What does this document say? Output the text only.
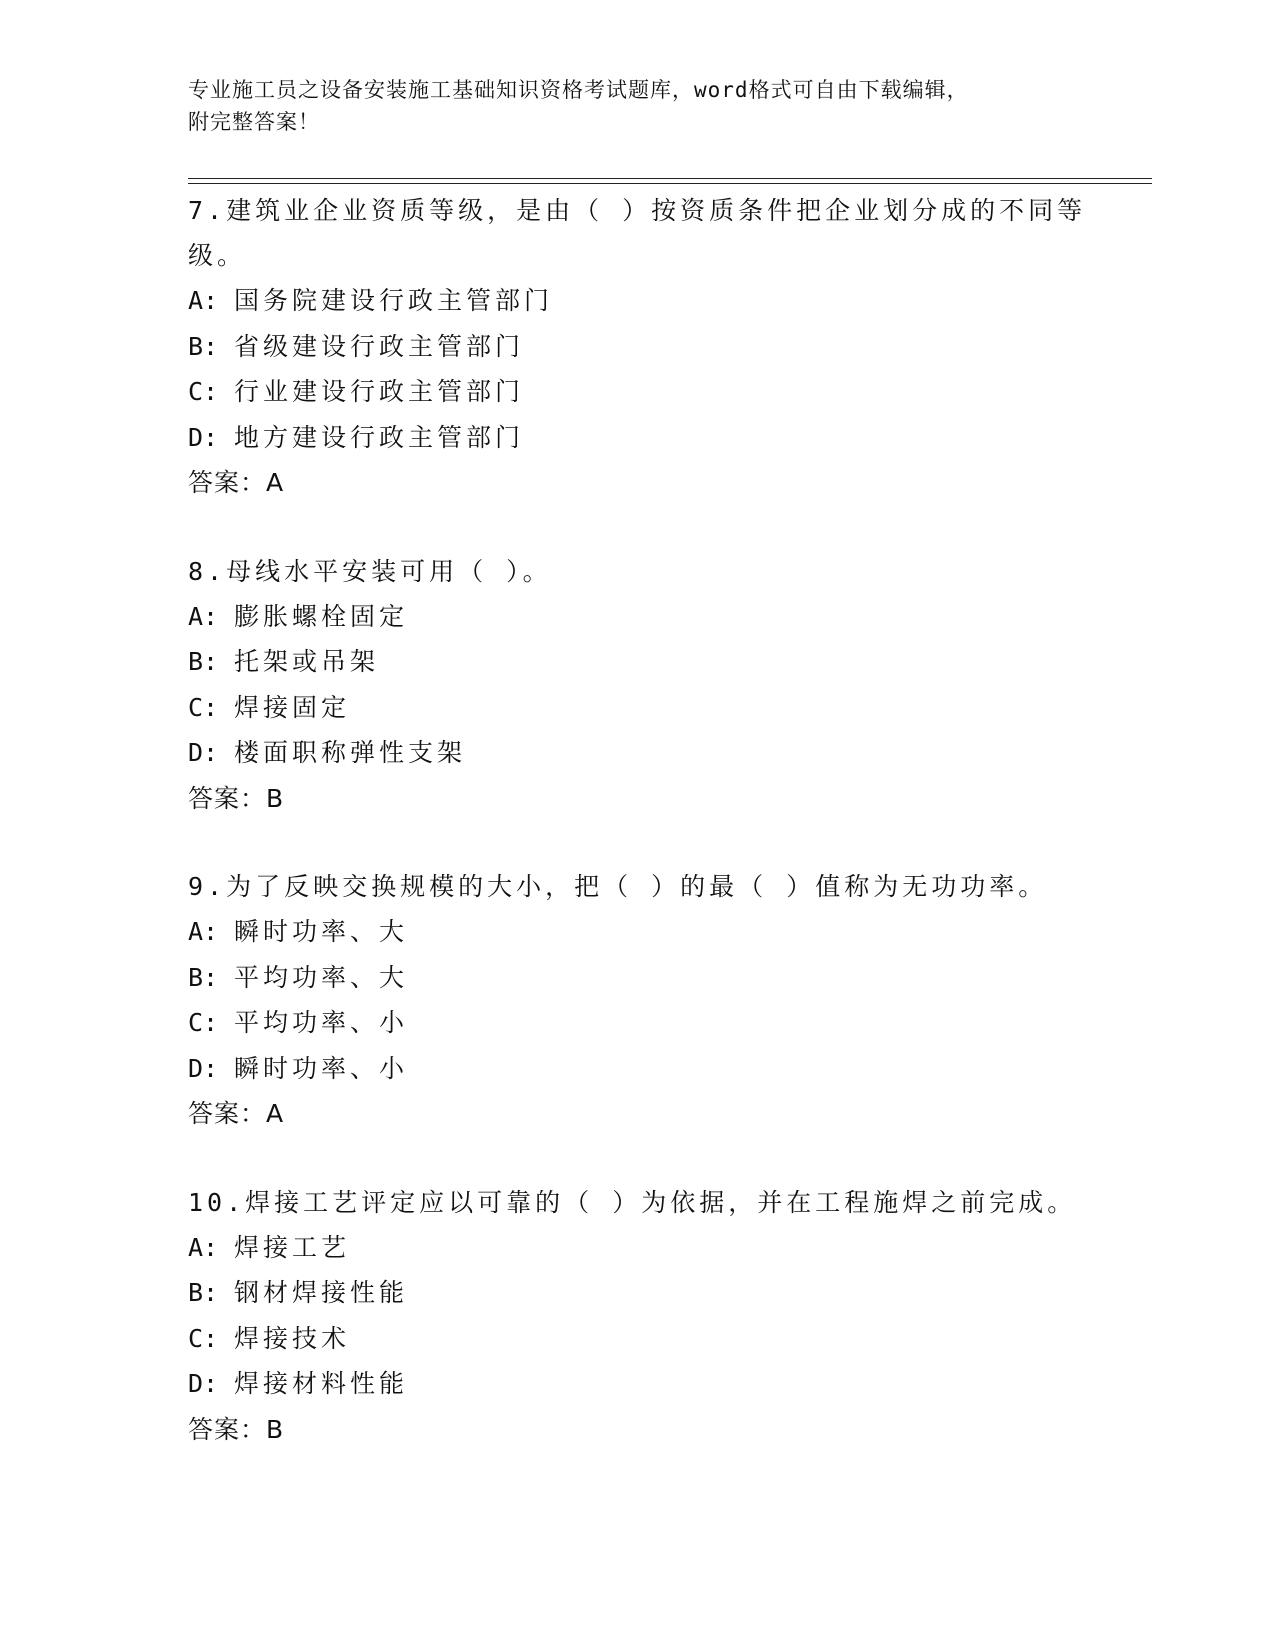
专业施工员之设备安装施工基础知识资格考试题库，word格式可自由下载编辑，
附完整答案！

7.建筑业企业资质等级，是由（ ）按资质条件把企业划分成的不同等级。

A: 国务院建设行政主管部门

B: 省级建设行政主管部门

C: 行业建设行政主管部门

D: 地方建设行政主管部门

答案：A

8.母线水平安装可用（ ）。

A: 膨胀螺栓固定

B: 托架或吊架

C: 焊接固定

D: 楼面职称弹性支架

答案：B

9.为了反映交换规模的大小，把（ ）的最（ ）值称为无功功率。

A: 瞬时功率、大

B: 平均功率、大

C: 平均功率、小

D: 瞬时功率、小

答案：A

10.焊接工艺评定应以可靠的（ ）为依据，并在工程施焊之前完成。

A: 焊接工艺

B: 钢材焊接性能

C: 焊接技术

D: 焊接材料性能

答案：B
